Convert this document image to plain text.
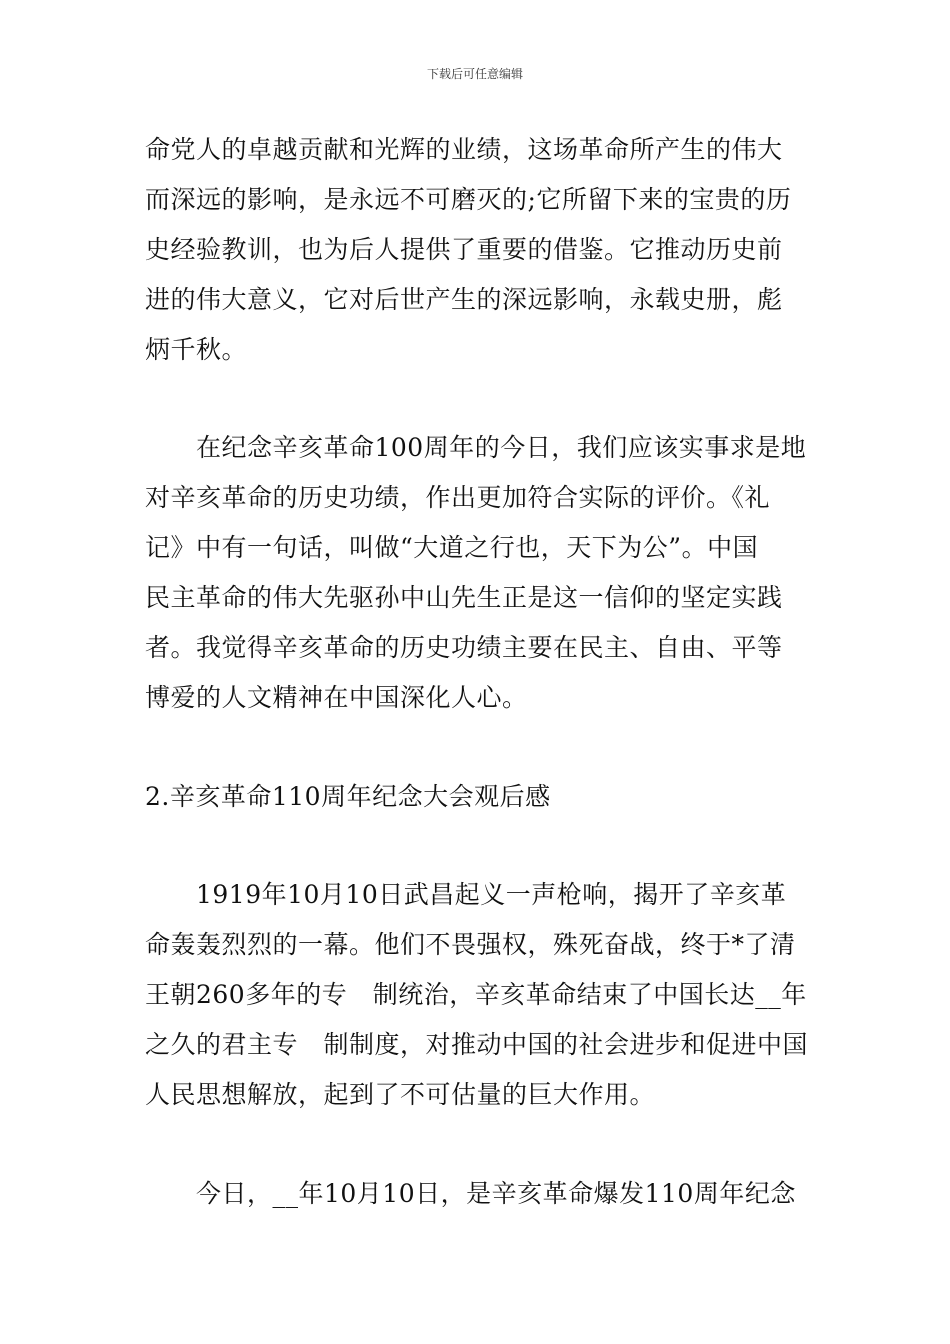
下载后可任意编辑
命党人的卓越贡献和光辉的业绩，这场革命所产生的伟大
而深远的影响，是永远不可磨灭的;它所留下来的宝贵的历
史经验教训，也为后人提供了重要的借鉴。它推动历史前
进的伟大意义，它对后世产生的深远影响，永载史册，彪
炳千秋。
　　在纪念辛亥革命100周年的今日，我们应该实事求是地
对辛亥革命的历史功绩，作出更加符合实际的评价。《礼
记》中有一句话，叫做“大道之行也，天下为公”。中国
民主革命的伟大先驱孙中山先生正是这一信仰的坚定实践
者。我觉得辛亥革命的历史功绩主要在民主、自由、平等
博爱的人文精神在中国深化人心。
2.辛亥革命110周年纪念大会观后感
　　1919年10月10日武昌起义一声枪响，揭开了辛亥革
命轰轰烈烈的一幕。他们不畏强权，殊死奋战，终于*了清
王朝260多年的专　制统治，辛亥革命结束了中国长达__年
之久的君主专　制制度，对推动中国的社会进步和促进中国
人民思想解放，起到了不可估量的巨大作用。
　　今日，__年10月10日，是辛亥革命爆发110周年纪念
